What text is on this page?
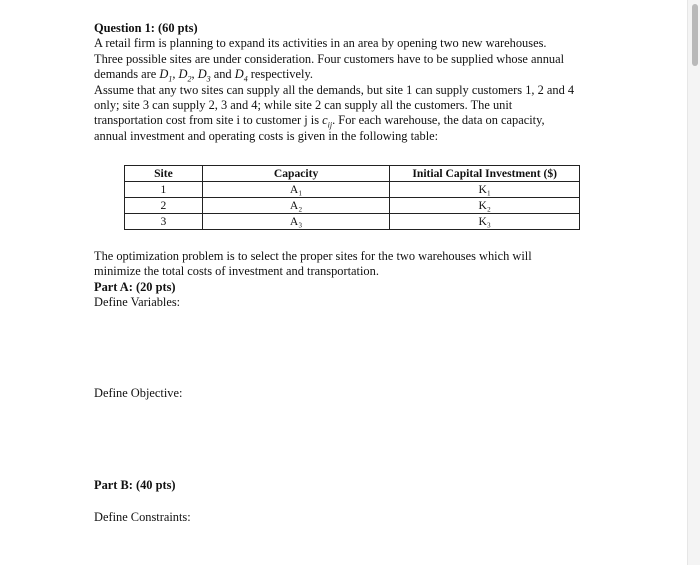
Question 1: (60 pts)
A retail firm is planning to expand its activities in an area by opening two new warehouses.
Three possible sites are under consideration. Four customers have to be supplied whose annual
demands are $D_1$, $D_2$, $D_3$ and $D_4$ respectively.
Assume that any two sites can supply all the demands, but site 1 can supply customers 1, 2 and 4
only; site 3 can supply 2, 3 and 4; while site 2 can supply all the customers. The unit
transportation cost from site i to customer j is $c_{ij}$. For each warehouse, the data on capacity,
annual investment and operating costs is given in the following table:
Site	Capacity	Initial Capital Investment ($)
1	A₁	K₁
2	A₂	K₂
3	A₃	K₃
The optimization problem is to select the proper sites for the two warehouses which will
minimize the total costs of investment and transportation.
Part A: (20 pts)
Define Variables:
Define Objective:
Part B: (40 pts)
Define Constraints:
